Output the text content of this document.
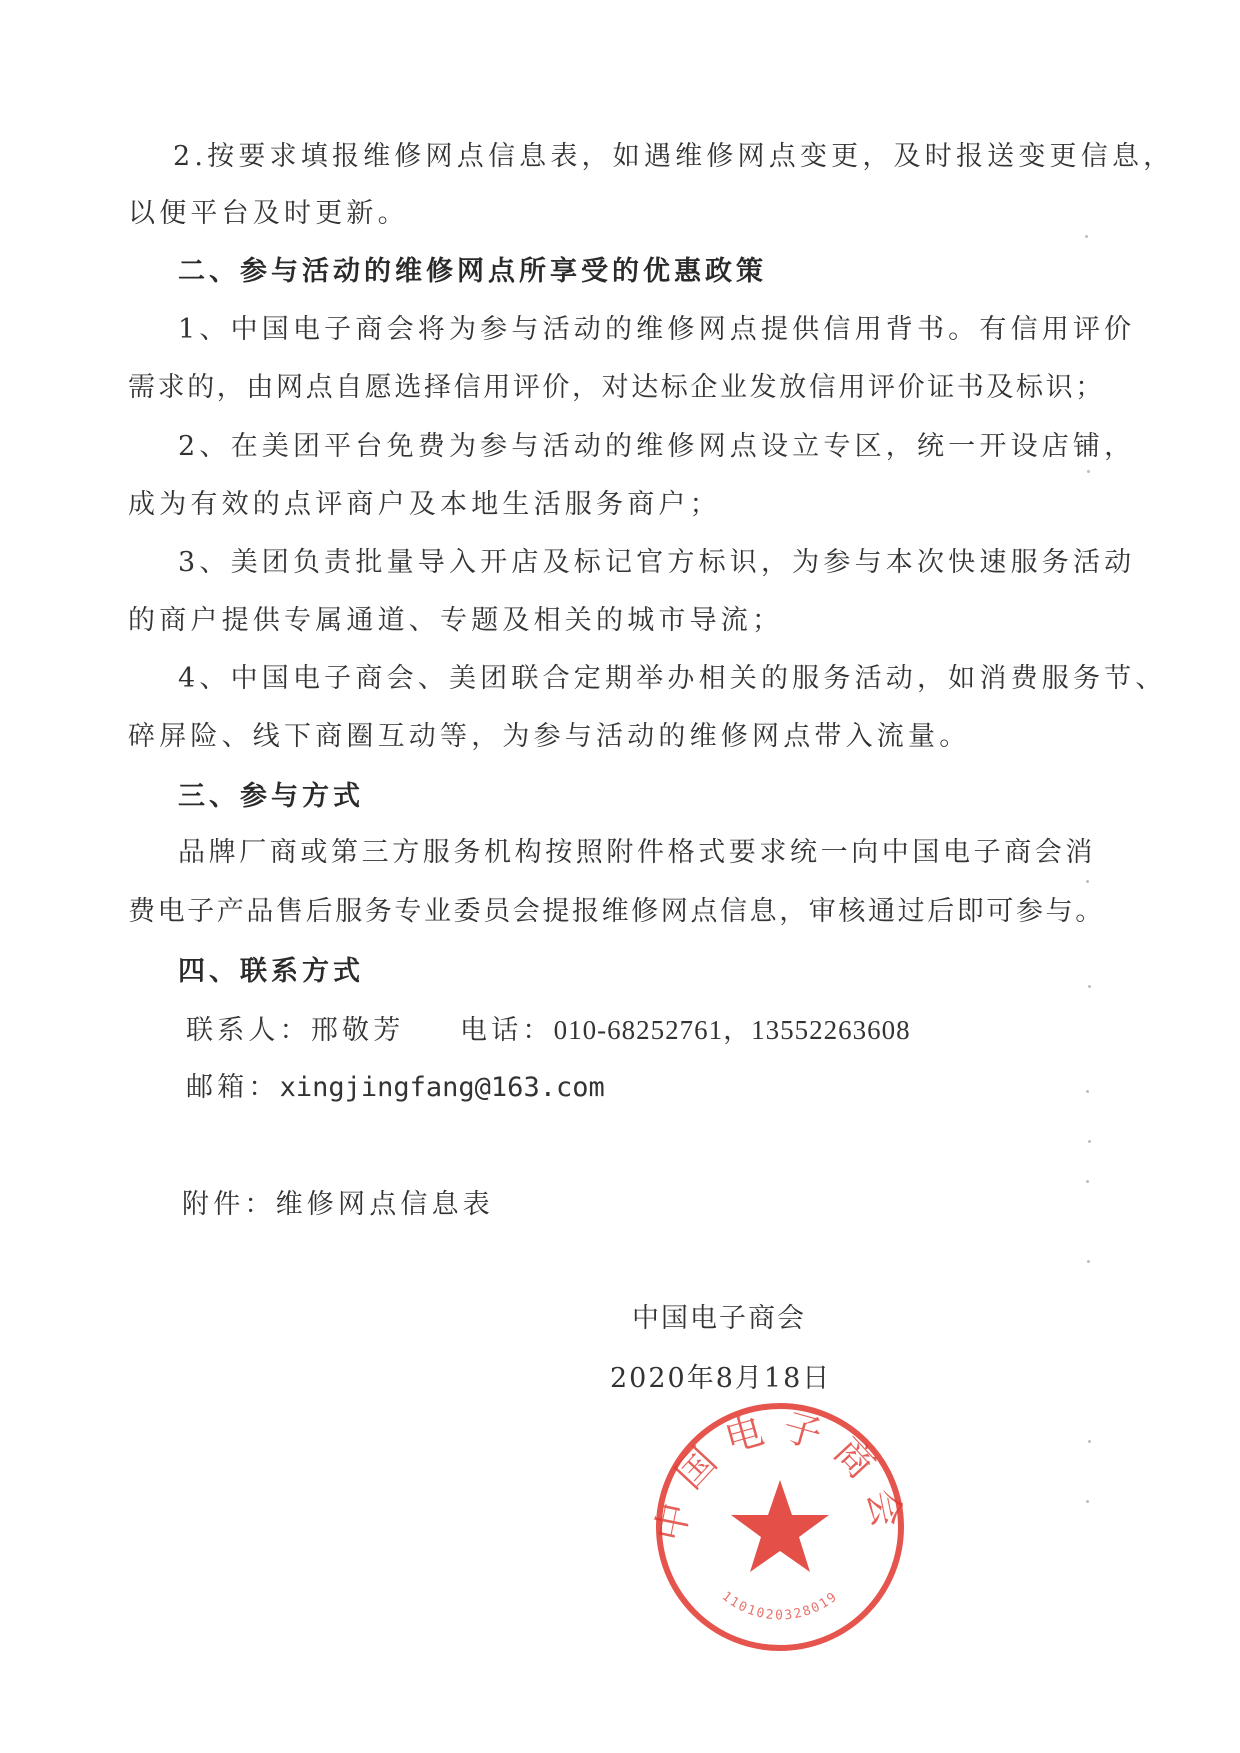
2.按要求填报维修网点信息表，如遇维修网点变更，及时报送变更信息，
以便平台及时更新。
二、参与活动的维修网点所享受的优惠政策
1、中国电子商会将为参与活动的维修网点提供信用背书。有信用评价
需求的，由网点自愿选择信用评价，对达标企业发放信用评价证书及标识；
2、在美团平台免费为参与活动的维修网点设立专区，统一开设店铺，
成为有效的点评商户及本地生活服务商户；
3、美团负责批量导入开店及标记官方标识，为参与本次快速服务活动
的商户提供专属通道、专题及相关的城市导流；
4、中国电子商会、美团联合定期举办相关的服务活动，如消费服务节、
碎屏险、线下商圈互动等，为参与活动的维修网点带入流量。
三、参与方式
品牌厂商或第三方服务机构按照附件格式要求统一向中国电子商会消
费电子产品售后服务专业委员会提报维修网点信息，审核通过后即可参与。
四、联系方式
联系人：邢敬芳 电话：010-68252761，13552263608
邮箱：xingjingfang@163.com
附件：维修网点信息表
中国电子商会
1101020328019
中国电子商会
2020年8月18日
